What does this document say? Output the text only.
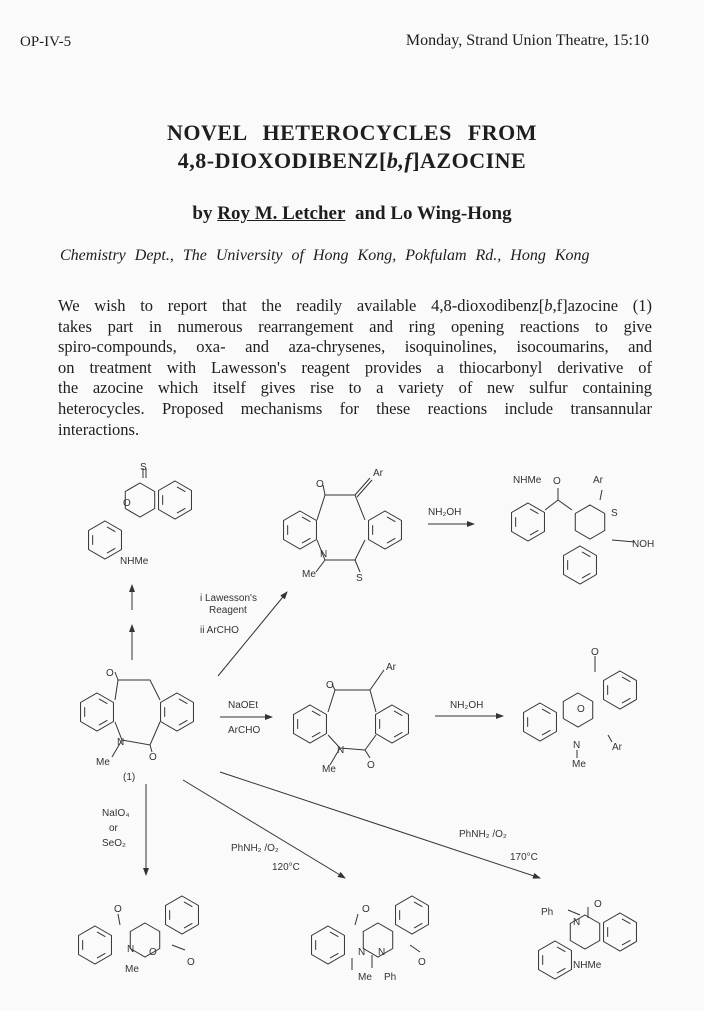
OP-IV-5	Monday, Strand Union Theatre, 15:10
NOVEL HETEROCYCLES FROM
4,8-DIOXODIBENZ[b,f]AZOCINE
by Roy M. Letcher and Lo Wing-Hong
Chemistry Dept., The University of Hong Kong, Pokfulam Rd., Hong Kong
We wish to report that the readily available 4,8-dioxodibenz[b,f]azocine (1)
takes part in numerous rearrangement and ring opening reactions to give
spiro-compounds, oxa- and aza-chrysenes, isoquinolines, isocoumarins, and
on treatment with Lawesson's reagent provides a thiocarbonyl derivative of
the azocine which itself gives rise to a variety of new sulfur containing
heterocycles. Proposed mechanisms for these reactions include transannular
interactions.
S
O
NHMe
O
Ar
N
S
Me
NH₂OH
NHMe O	Ar
S
NOH
i Lawesson's
Reagent
ii ArCHO
O
N
O
Me
(1)
NaOEt
ArCHO
O
Ar
N
O
Me
NH₂OH
O
O
N	Ar
Me
NaIO₄
or
SeO₂	PhNH₂ /O₂
120°C
PhNH₂ /O₂
170°C
O
N O
O
Me
O
N N
O
Me Ph
O
Ph
N
NHMe
